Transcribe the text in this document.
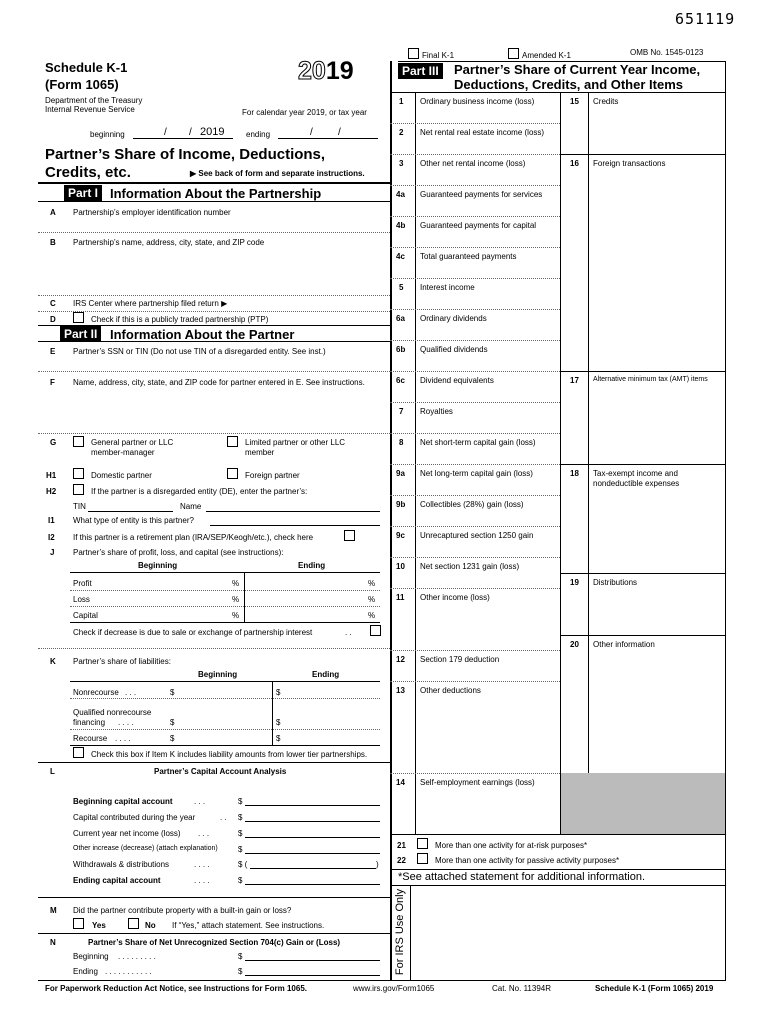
651119
Final K-1	Amended K-1	OMB No. 1545-0123
Schedule K-1
(Form 1065)	2019
Department of the Treasury
Internal Revenue Service	For calendar year 2019, or tax year
beginning	/ / 2019	ending	/	/
Partner’s Share of Income, Deductions,
Credits, etc.	▶ See back of form and separate instructions.
Part I Information About the Partnership
A Partnership’s employer identification number
B Partnership’s name, address, city, state, and ZIP code
C IRS Center where partnership filed return ▶
D	Check if this is a publicly traded partnership (PTP)
Part II Information About the Partner
E Partner’s SSN or TIN (Do not use TIN of a disregarded entity. See inst.)
F Name, address, city, state, and ZIP code for partner entered in E. See instructions.
G	General partner or LLC
member-manager
Limited partner or other LLC
member
H1	Domestic partner	Foreign partner
H2	If the partner is a disregarded entity (DE), enter the partner’s:
TIN	Name
I1 What type of entity is this partner?
I2 If this partner is a retirement plan (IRA/SEP/Keogh/etc.), check here
J Partner’s share of profit, loss, and capital (see instructions):
Beginning	Ending
Profit	%	%
Loss	%	%
Capital	%	%
Check if decrease is due to sale or exchange of partnership interest	. .
K Partner’s share of liabilities:
Beginning	Ending
Nonrecourse . . .	$	$
Qualified nonrecourse
financing . . . .	$	$
Recourse . . . .	$	$
Check this box if Item K includes liability amounts from lower tier partnerships.
L	Partner’s Capital Account Analysis
Beginning capital account	. . .	$
Capital contributed during the year	. . $
Current year net income (loss) . . .	$
Other increase (decrease) (attach explanation)	$
Withdrawals & distributions	. . . .	$ (	)
Ending capital account	. . . .	$
M Did the partner contribute property with a built-in gain or loss?
Yes	No If “Yes,” attach statement. See instructions.
N	Partner’s Share of Net Unrecognized Section 704(c) Gain or (Loss)
Beginning . . . . . . . . .	$
Ending . . . . . . . . . . .	$
Part III	Partner’s Share of Current Year Income,
Deductions, Credits, and Other Items
1 Ordinary business income (loss)
2 Net rental real estate income (loss)
3 Other net rental income (loss)
4a Guaranteed payments for services
4b Guaranteed payments for capital
4c Total guaranteed payments
5 Interest income
6a Ordinary dividends
6b Qualified dividends
6c Dividend equivalents
7 Royalties
8 Net short-term capital gain (loss)
9a Net long-term capital gain (loss)
9b Collectibles (28%) gain (loss)
9c Unrecaptured section 1250 gain
10 Net section 1231 gain (loss)
11 Other income (loss)
12 Section 179 deduction
13 Other deductions
14 Self-employment earnings (loss)
15 Credits
16 Foreign transactions
17 Alternative minimum tax (AMT) items
18 Tax-exempt income and
nondeductible expenses
19 Distributions
20 Other information
21	More than one activity for at-risk purposes*
22	More than one activity for passive activity purposes*
*See attached statement for additional information.
For IRS Use Only
For Paperwork Reduction Act Notice, see Instructions for Form 1065.	www.irs.gov/Form1065	Cat. No. 11394R	Schedule K-1 (Form 1065) 2019
